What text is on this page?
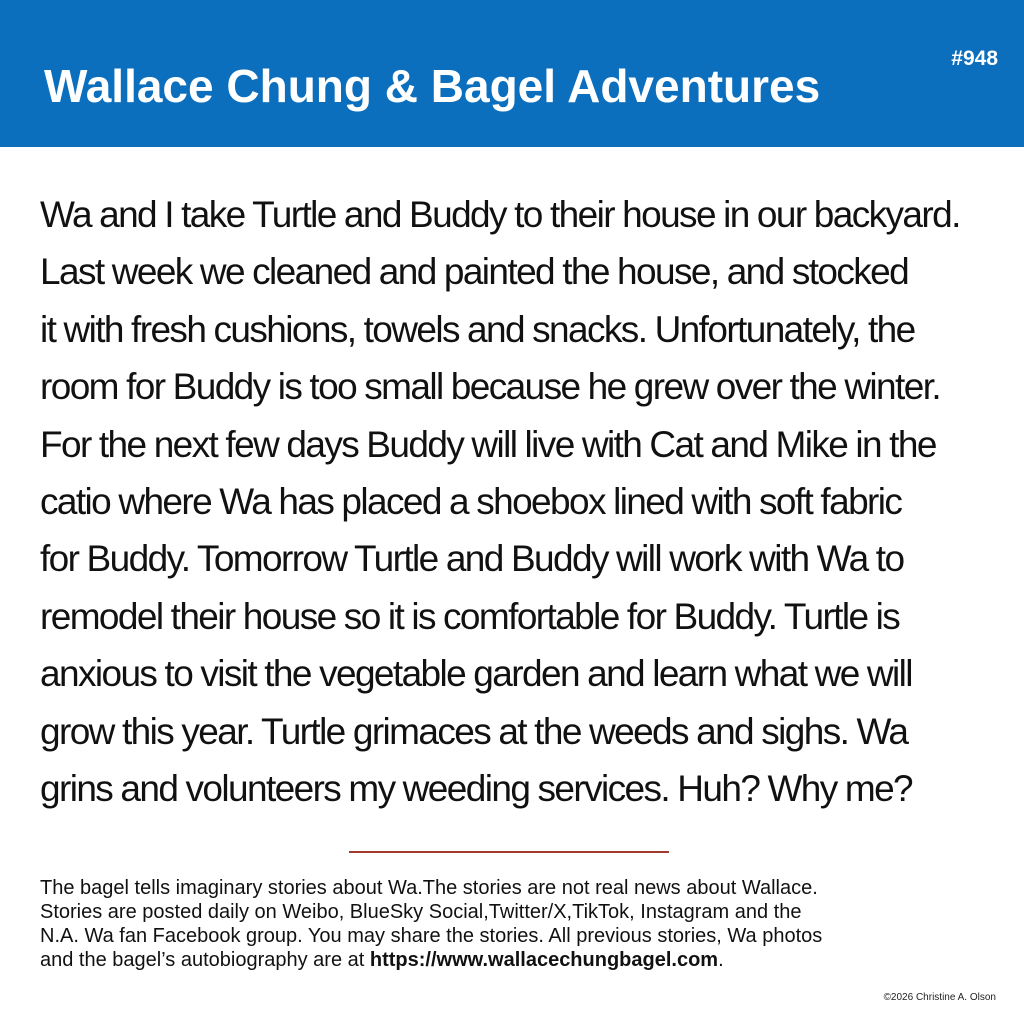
Wallace Chung & Bagel Adventures
#948

Wa and I take Turtle and Buddy to their house in our backyard.
Last week we cleaned and painted the house, and stocked
it with fresh cushions, towels and snacks. Unfortunately, the
room for Buddy is too small because he grew over the winter.
For the next few days Buddy will live with Cat and Mike in the
catio where Wa has placed a shoebox lined with soft fabric
for Buddy. Tomorrow Turtle and Buddy will work with Wa to
remodel their house so it is comfortable for Buddy. Turtle is
anxious to visit the vegetable garden and learn what we will
grow this year. Turtle grimaces at the weeds and sighs. Wa
grins and volunteers my weeding services. Huh? Why me?

The bagel tells imaginary stories about Wa.The stories are not real news about Wallace.
Stories are posted daily on Weibo, BlueSky Social,Twitter/X,TikTok, Instagram and the
N.A. Wa fan Facebook group. You may share the stories. All previous stories, Wa photos
and the bagel’s autobiography are at https://www.wallacechungbagel.com.

©2026 Christine A. Olson
